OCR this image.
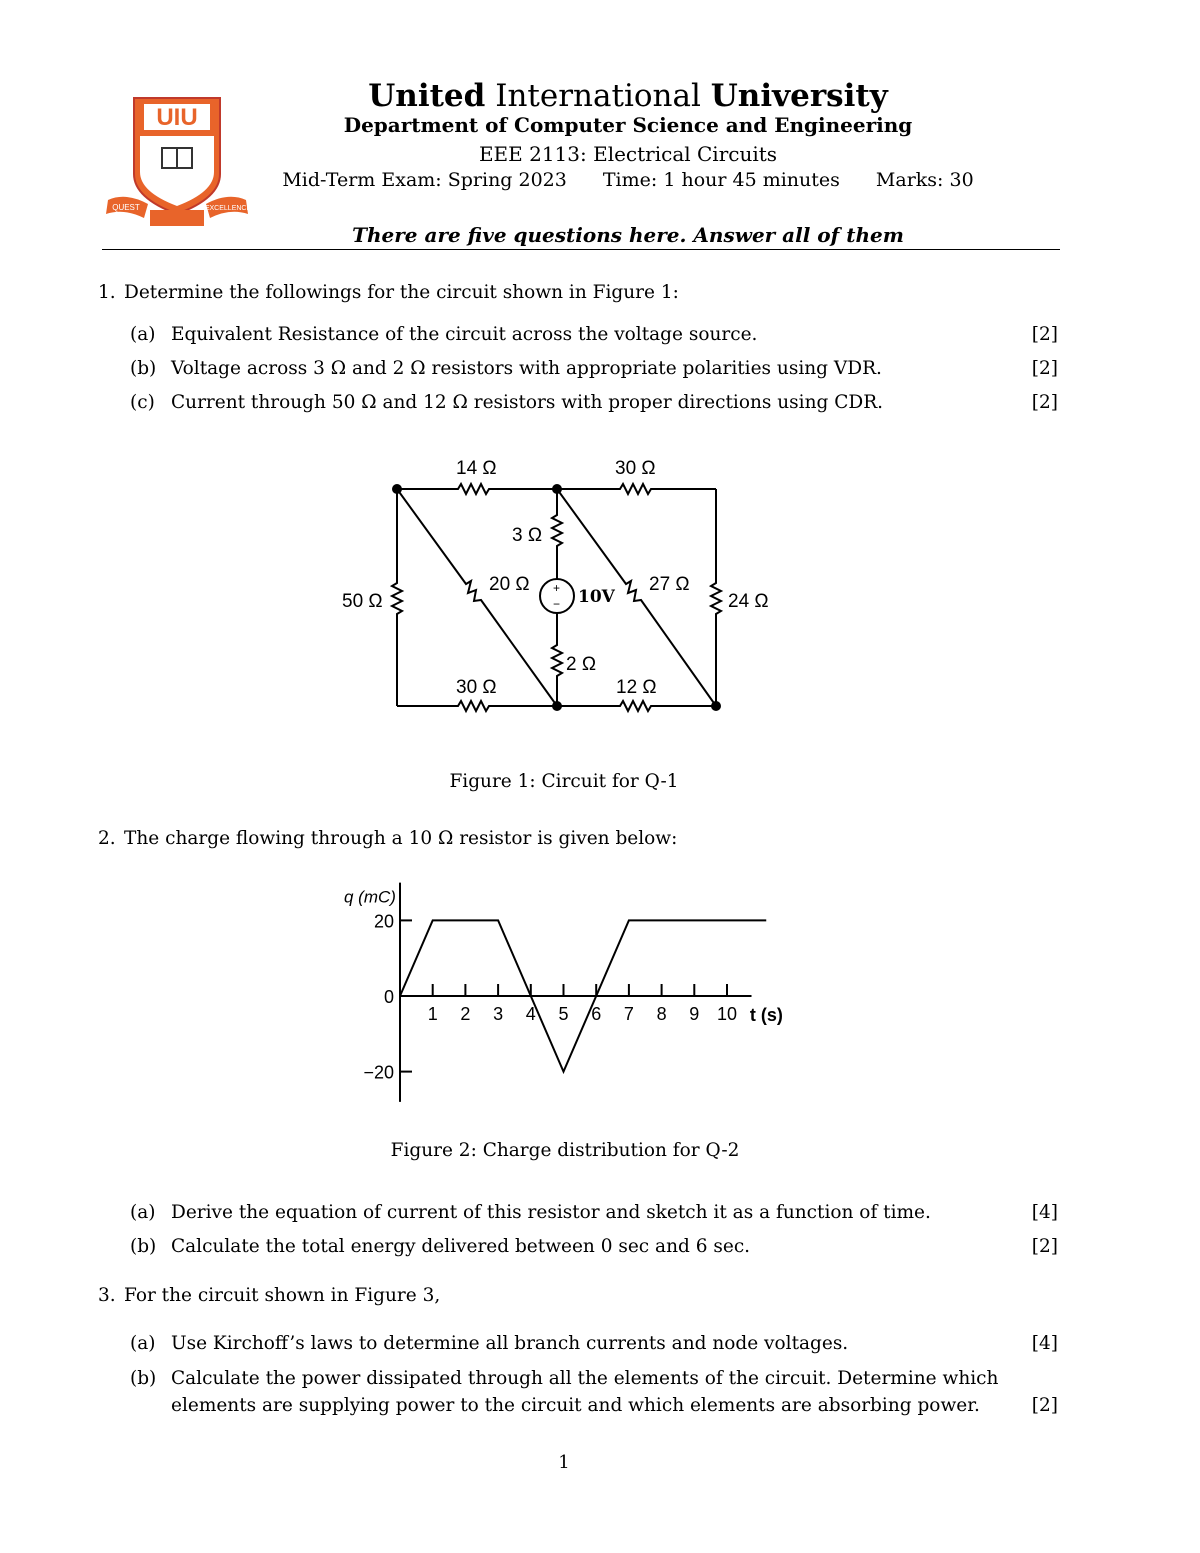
UIU
QUEST	EXCELLENCE
United International University
Department of Computer Science and Engineering
EEE 2113: Electrical Circuits
Mid-Term Exam: Spring 2023 Time: 1 hour 45 minutes Marks: 30
There are five questions here. Answer all of them
1. Determine the followings for the circuit shown in Figure 1:
(a) Equivalent Resistance of the circuit across the voltage source.	[2]
(b) Voltage across 3 Ω and 2 Ω resistors with appropriate polarities using VDR.	[2]
(c) Current through 50 Ω and 12 Ω resistors with proper directions using CDR.	[2]
14 Ω	30 Ω
3 Ω
20 Ω	27 Ω
50 Ω	24 Ω
2 Ω
30 Ω	12 Ω
10V
+
−
Figure 1: Circuit for Q-1
2. The charge flowing through a 10 Ω resistor is given below:
1 2 3 4 5 6 7 8 9 10
20
0
−20
q (mC)
t (s)
Figure 2: Charge distribution for Q-2
(a) Derive the equation of current of this resistor and sketch it as a function of time.	[4]
(b) Calculate the total energy delivered between 0 sec and 6 sec.	[2]
3. For the circuit shown in Figure 3,
(a) Use Kirchoff’s laws to determine all branch currents and node voltages.	[4]
(b) Calculate the power dissipated through all the elements of the circuit. Determine which elements are supplying power to the circuit and which elements are absorbing power.	[2]
1
